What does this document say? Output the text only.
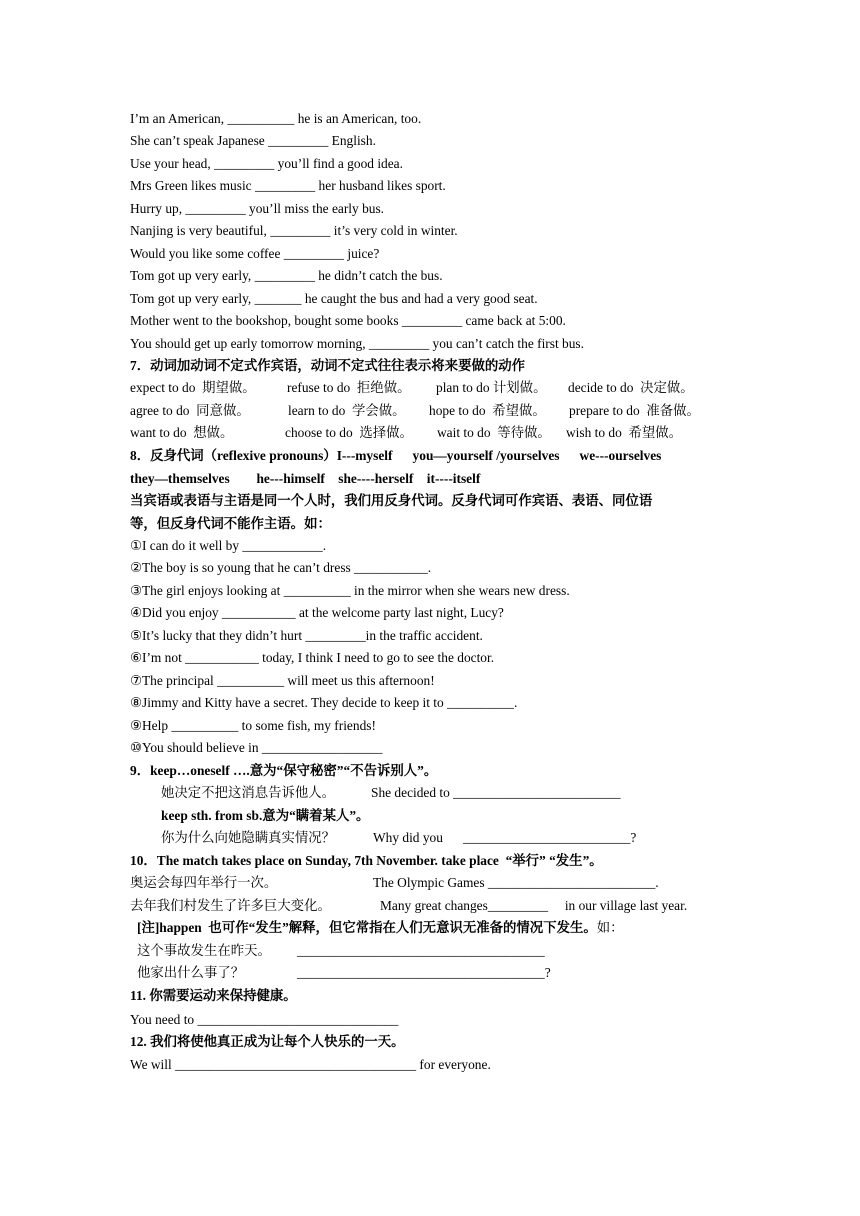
I’m an American, __________ he is an American, too.
She can’t speak Japanese _________ English.
Use your head, _________ you’ll find a good idea.
Mrs Green likes music _________ her husband likes sport.
Hurry up, _________ you’ll miss the early bus.
Nanjing is very beautiful, _________ it’s very cold in winter.
Would you like some coffee _________ juice?
Tom got up very early, _________ he didn’t catch the bus.
Tom got up very early, _______ he caught the bus and had a very good seat.
Mother went to the bookshop, bought some books _________ came back at 5:00.
You should get up early tomorrow morning, _________ you can’t catch the first bus.
7．动词加动词不定式作宾语，动词不定式往往表示将来要做的动作
expect to do  期望做。 refuse to do  拒绝做。 plan to do 计划做。 decide to do  决定做。
agree to do  同意做。	learn to do  学会做。 hope to do  希望做。 prepare to do  准备做。
want to do  想做。	choose to do  选择做。 wait to do  等待做。 wish to do  希望做。
8．反身代词（reflexive pronouns）I---myself      you—yourself /yourselves      we---ourselves
they—themselves        he---himself    she----herself    it----itself
当宾语或表语与主语是同一个人时，我们用反身代词。反身代词可作宾语、表语、同位语
等，但反身代词不能作主语。如：
①I can do it well by ____________.
②The boy is so young that he can’t dress ___________.
③The girl enjoys looking at __________ in the mirror when she wears new dress.
④Did you enjoy ___________ at the welcome party last night, Lucy?
⑤It’s lucky that they didn’t hurt _________in the traffic accident.
⑥I’m not ___________ today, I think I need to go to see the doctor.
⑦The principal __________ will meet us this afternoon!
⑧Jimmy and Kitty have a secret. They decide to keep it to __________.
⑨Help __________ to some fish, my friends!
⑩You should believe in __________________
9．keep…oneself ….意为“保守秘密”“不告诉别人”。
她决定不把这消息告诉他人。	She decided to _________________________
keep sth. from sb.意为“瞒着某人”。
你为什么向她隐瞒真实情况？	Why did you      _________________________?
10．The match takes place on Sunday, 7th November. take place  “举行” “发生”。
奥运会每四年举行一次。	The Olympic Games _________________________.
去年我们村发生了许多巨大变化。	Many great changes_________     in our village last year.
[注]happen  也可作“发生”解释，但它常指在人们无意识无准备的情况下发生。如：
这个事故发生在昨天。 _____________________________________
他家出什么事了？	_____________________________________?
11. 你需要运动来保持健康。
You need to ______________________________
12. 我们将使他真正成为让每个人快乐的一天。
We will ____________________________________ for everyone.
